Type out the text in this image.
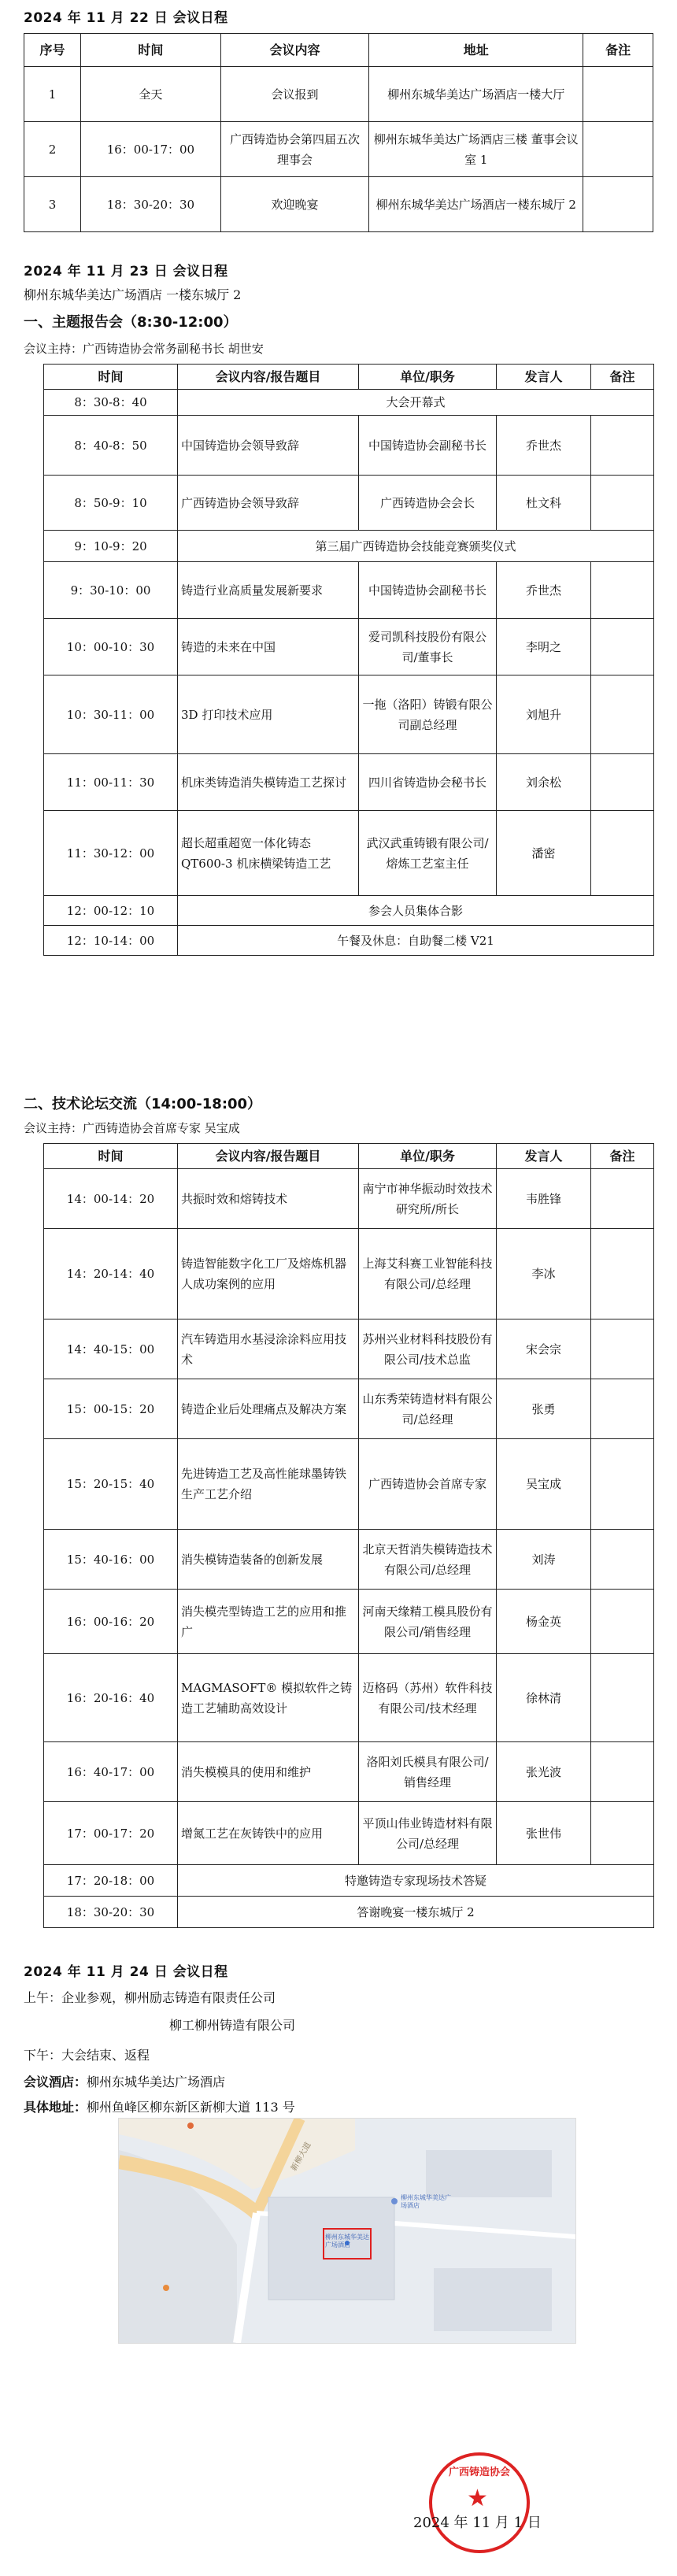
2024 年 11 月 22 日 会议日程
序号	时间	会议内容	地址	备注
1	全天	会议报到	柳州东城华美达广场酒店一楼大厅	
2	16：00-17：00	广西铸造协会第四届五次理事会	柳州东城华美达广场酒店三楼 董事会议室 1	
3	18：30-20：30	欢迎晚宴	柳州东城华美达广场酒店一楼东城厅 2	
2024 年 11 月 23 日 会议日程
柳州东城华美达广场酒店 一楼东城厅 2
一、主题报告会（8:30-12:00）
会议主持：广西铸造协会常务副秘书长 胡世安
时间	会议内容/报告题目	单位/职务	发言人	备注
8：30-8：40	大会开幕式			
8：40-8：50	中国铸造协会领导致辞	中国铸造协会副秘书长	乔世杰	
8：50-9：10	广西铸造协会领导致辞	广西铸造协会会长	杜文科	
9：10-9：20	第三届广西铸造协会技能竞赛颁奖仪式			
9：30-10：00	铸造行业高质量发展新要求	中国铸造协会副秘书长	乔世杰	
10：00-10：30	铸造的未来在中国	爱司凯科技股份有限公司/董事长	李明之	
10：30-11：00	3D 打印技术应用	一拖（洛阳）铸锻有限公司副总经理	刘旭升	
11：00-11：30	机床类铸造消失模铸造工艺探讨	四川省铸造协会秘书长	刘余松	
11：30-12：00	超长超重超宽一体化铸态 QT600-3 机床横梁铸造工艺	武汉武重铸锻有限公司/熔炼工艺室主任	潘密	
12：00-12：10	参会人员集体合影			
12：10-14：00	午餐及休息：自助餐二楼 V21			
二、技术论坛交流（14:00-18:00）
会议主持：广西铸造协会首席专家 吴宝成
时间	会议内容/报告题目	单位/职务	发言人	备注
14：00-14：20	共振时效和熔铸技术	南宁市神华振动时效技术研究所/所长	韦胜锋	
14：20-14：40	铸造智能数字化工厂及熔炼机器人成功案例的应用	上海艾科赛工业智能科技有限公司/总经理	李冰	
14：40-15：00	汽车铸造用水基浸涂涂料应用技术	苏州兴业材料科技股份有限公司/技术总监	宋会宗	
15：00-15：20	铸造企业后处理痛点及解决方案	山东秀荣铸造材料有限公司/总经理	张勇	
15：20-15：40	先进铸造工艺及高性能球墨铸铁生产工艺介绍	广西铸造协会首席专家	吴宝成	
15：40-16：00	消失模铸造装备的创新发展	北京天哲消失模铸造技术有限公司/总经理	刘涛	
16：00-16：20	消失模壳型铸造工艺的应用和推广	河南天缘精工模具股份有限公司/销售经理	杨金英	
16：20-16：40	MAGMASOFT® 模拟软件之铸造工艺辅助高效设计	迈格码（苏州）软件科技有限公司/技术经理	徐林清	
16：40-17：00	消失模模具的使用和维护	洛阳刘氏模具有限公司/销售经理	张光波	
17：00-17：20	增氮工艺在灰铸铁中的应用	平顶山伟业铸造材料有限公司/总经理	张世伟	
17：20-18：00	特邀铸造专家现场技术答疑			
18：30-20：30	答谢晚宴一楼东城厅 2			
2024 年 11 月 24 日 会议日程
上午：企业参观，柳州励志铸造有限责任公司
柳工柳州铸造有限公司
下午：大会结束、返程
会议酒店：柳州东城华美达广场酒店
具体地址：柳州鱼峰区柳东新区新柳大道 113 号
新柳大道
柳州东城华美达广场酒店
柳州东城华美达广场酒店
★
广西铸造协会
2024 年 11 月 1 日
